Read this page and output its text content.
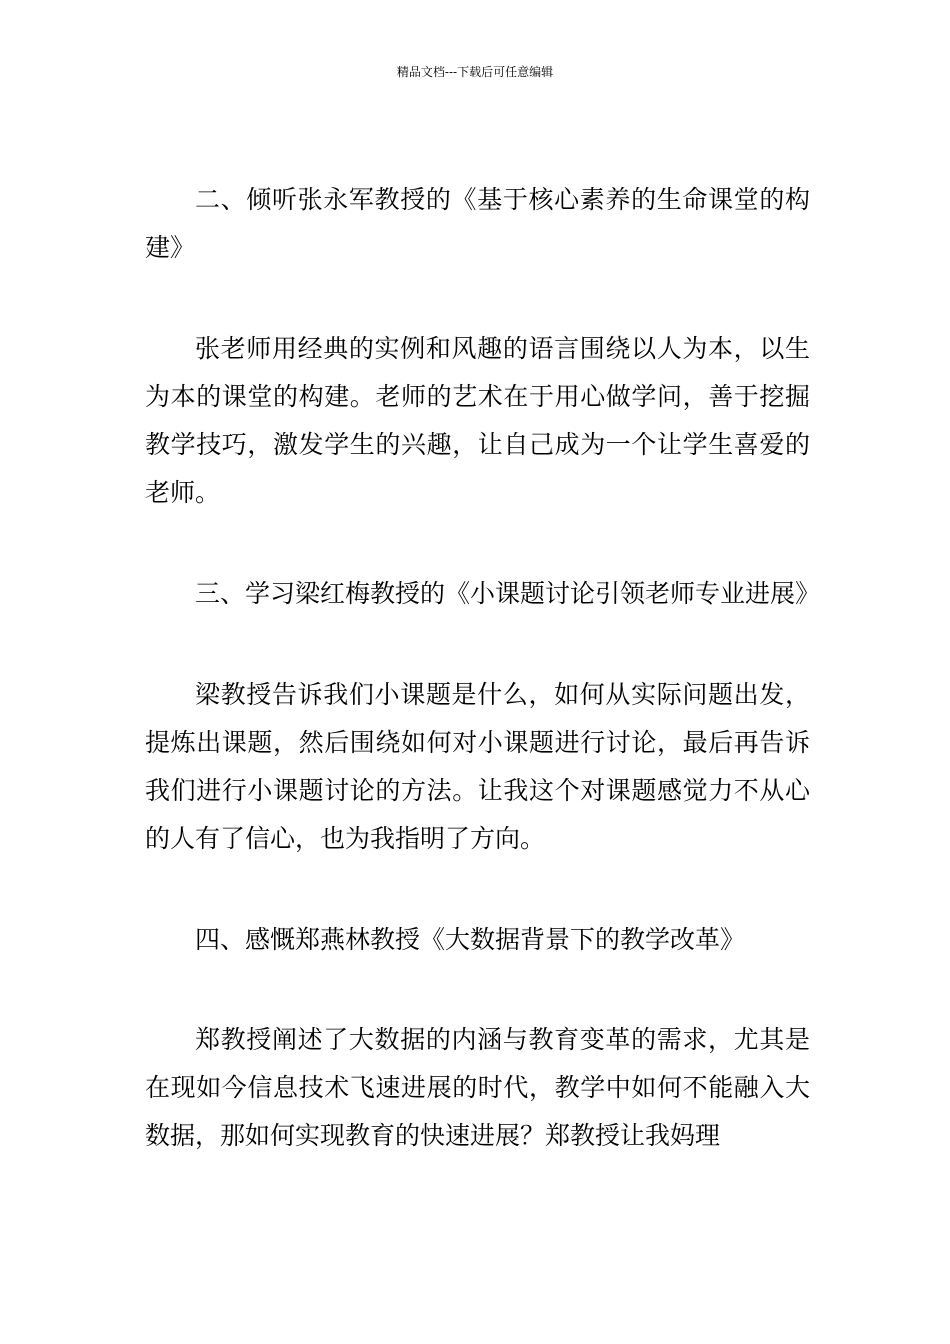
精品文档---下载后可任意编辑

二、倾听张永军教授的《基于核心素养的生命课堂的构建》

张老师用经典的实例和风趣的语言围绕以人为本，以生为本的课堂的构建。老师的艺术在于用心做学问，善于挖掘教学技巧，激发学生的兴趣，让自己成为一个让学生喜爱的老师。

三、学习梁红梅教授的《小课题讨论引领老师专业进展》

梁教授告诉我们小课题是什么，如何从实际问题出发，提炼出课题，然后围绕如何对小课题进行讨论，最后再告诉我们进行小课题讨论的方法。让我这个对课题感觉力不从心的人有了信心，也为我指明了方向。

四、感慨郑燕林教授《大数据背景下的教学改革》

郑教授阐述了大数据的内涵与教育变革的需求，尤其是在现如今信息技术飞速进展的时代，教学中如何不能融入大数据，那如何实现教育的快速进展？郑教授让我妈理
